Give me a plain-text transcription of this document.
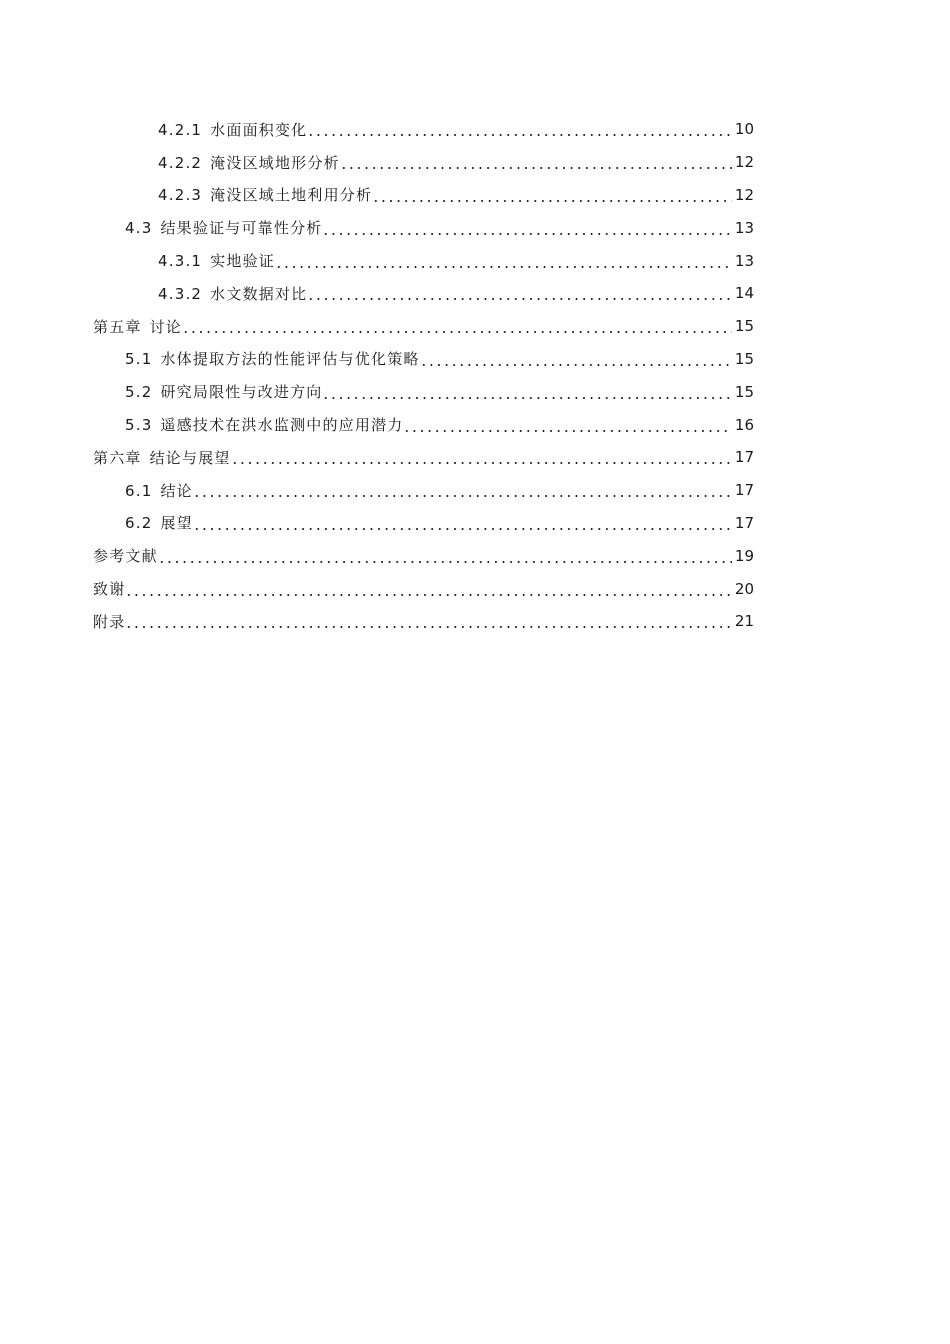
4.2.1 水面面积变化	10
4.2.2 淹没区域地形分析	12
4.2.3 淹没区域土地利用分析	12
4.3 结果验证与可靠性分析	13
4.3.1 实地验证	13
4.3.2 水文数据对比	14
第五章 讨论	15
5.1 水体提取方法的性能评估与优化策略	15
5.2 研究局限性与改进方向	15
5.3 遥感技术在洪水监测中的应用潜力	16
第六章 结论与展望	17
6.1 结论	17
6.2 展望	17
参考文献	19
致谢	20
附录	21
